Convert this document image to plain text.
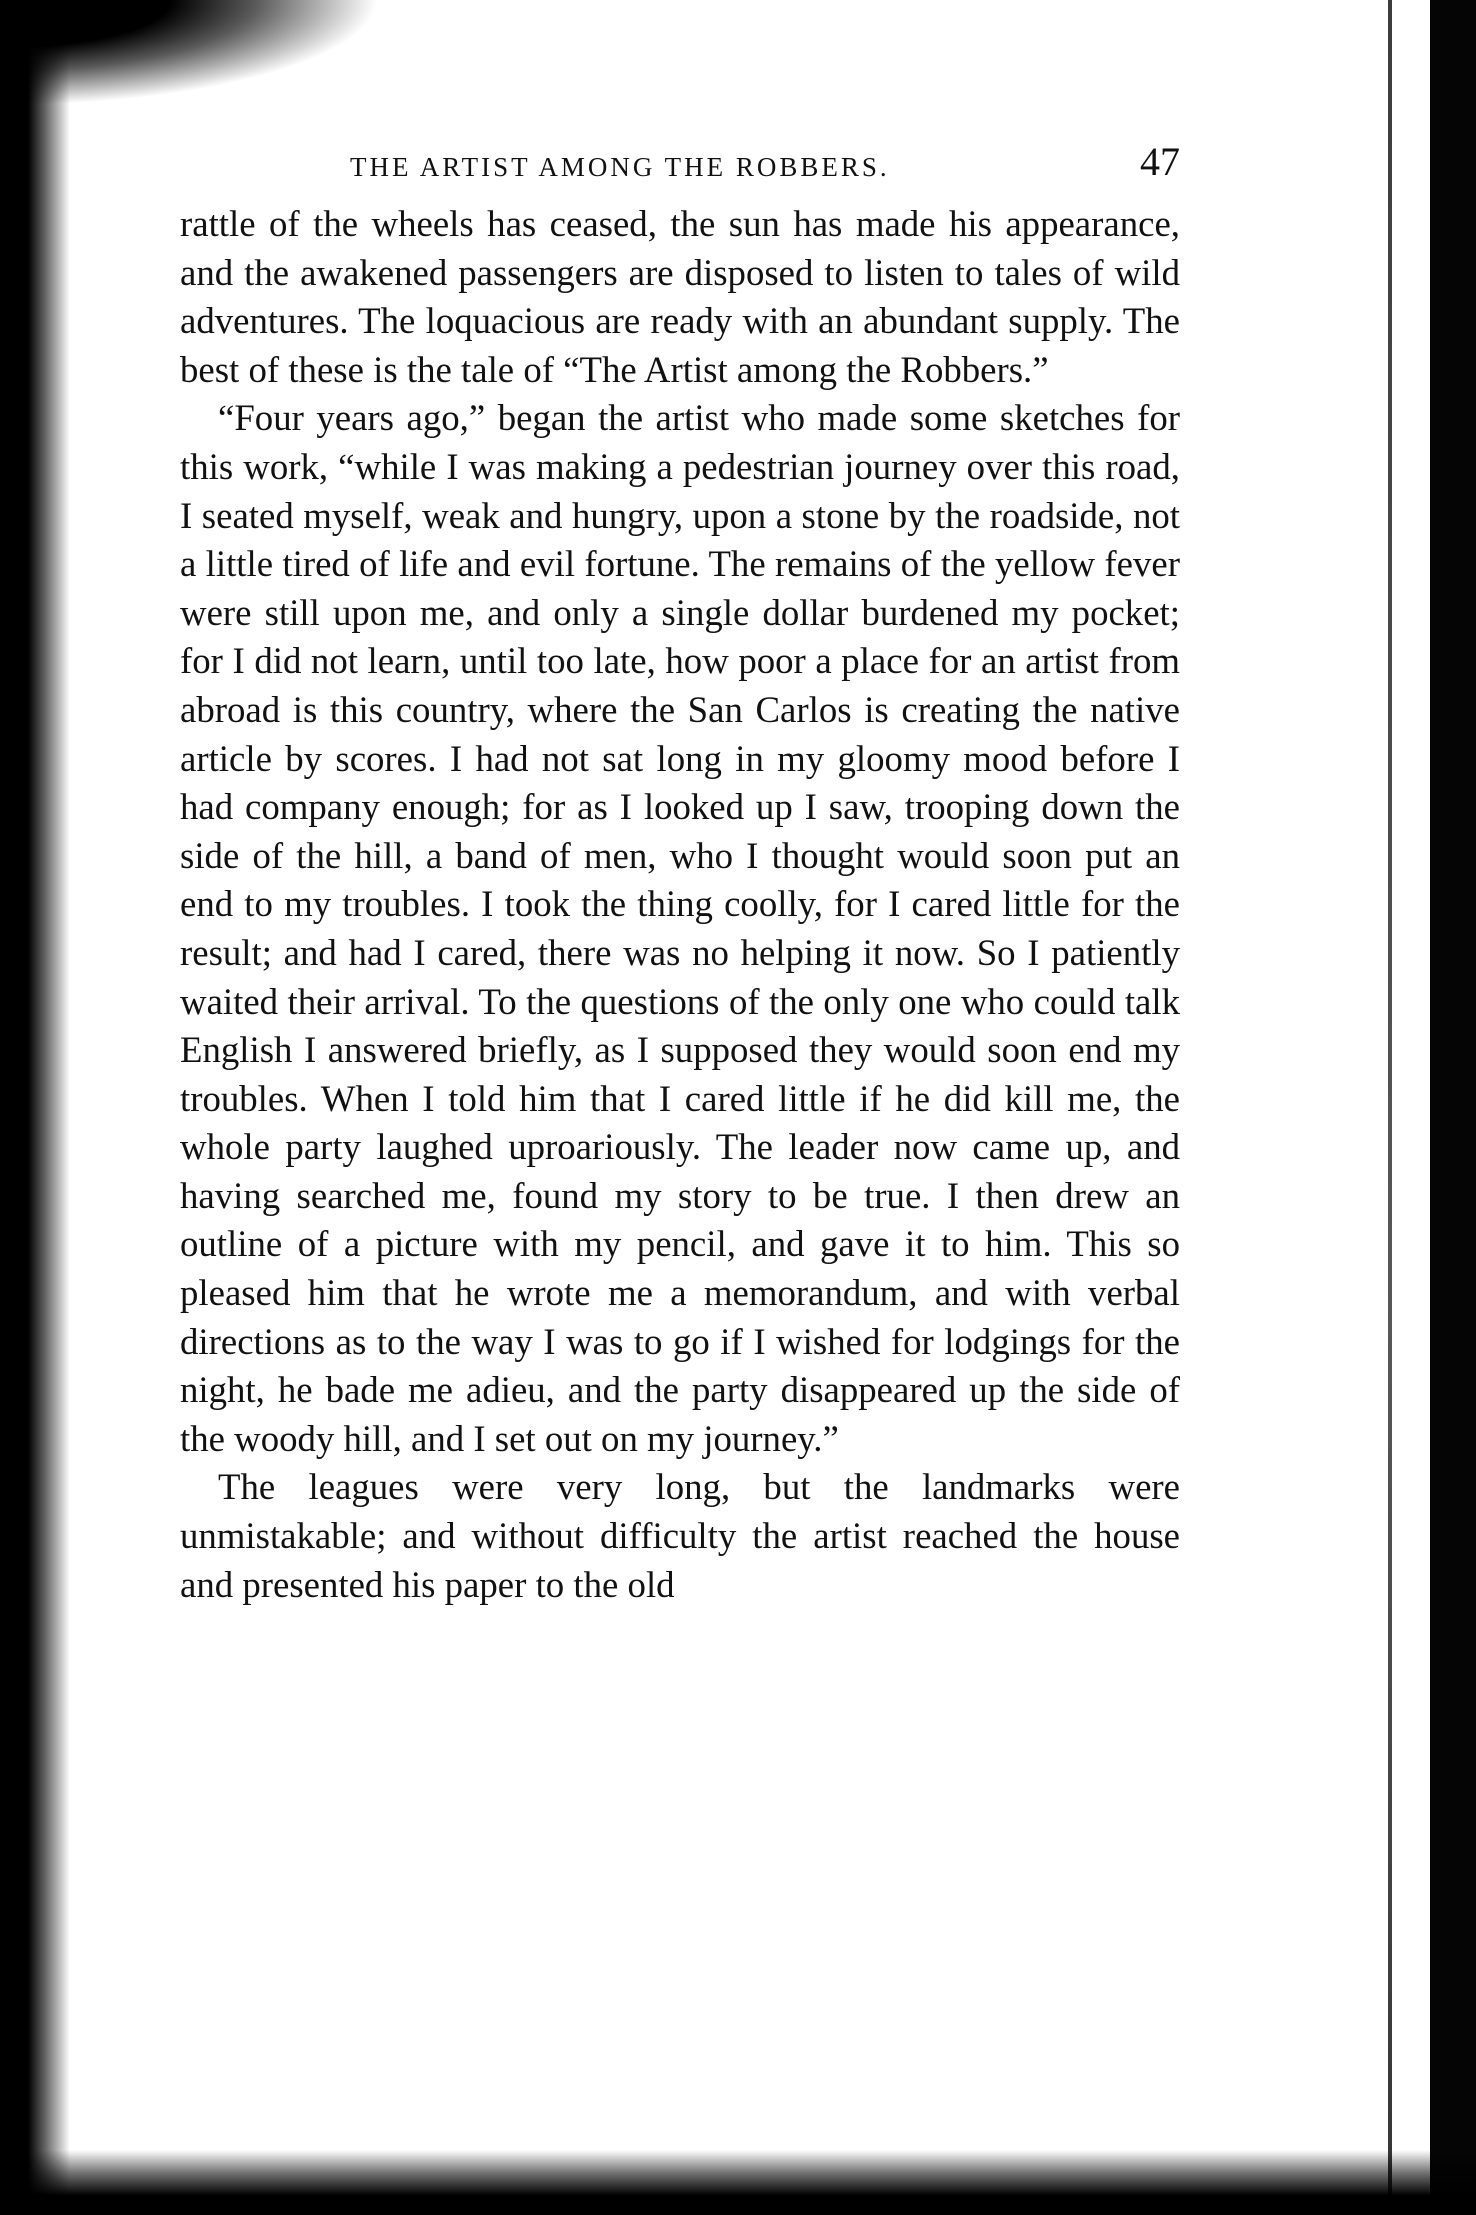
THE ARTIST AMONG THE ROBBERS.	47

rattle of the wheels has ceased, the sun has made his appearance, and the awakened passengers are disposed to listen to tales of wild adventures. The loquacious are ready with an abundant supply. The best of these is the tale of “The Artist among the Robbers.”

“Four years ago,” began the artist who made some sketches for this work, “while I was making a pedestrian journey over this road, I seated myself, weak and hungry, upon a stone by the roadside, not a little tired of life and evil fortune. The remains of the yellow fever were still upon me, and only a single dollar burdened my pocket; for I did not learn, until too late, how poor a place for an artist from abroad is this country, where the San Carlos is creating the native article by scores. I had not sat long in my gloomy mood before I had company enough; for as I looked up I saw, trooping down the side of the hill, a band of men, who I thought would soon put an end to my troubles. I took the thing coolly, for I cared little for the result; and had I cared, there was no helping it now. So I patiently waited their arrival. To the questions of the only one who could talk English I answered briefly, as I supposed they would soon end my troubles. When I told him that I cared little if he did kill me, the whole party laughed uproariously. The leader now came up, and having searched me, found my story to be true. I then drew an outline of a picture with my pencil, and gave it to him. This so pleased him that he wrote me a memorandum, and with verbal directions as to the way I was to go if I wished for lodgings for the night, he bade me adieu, and the party disappeared up the side of the woody hill, and I set out on my journey.”

The leagues were very long, but the landmarks were unmistakable; and without difficulty the artist reached the house and presented his paper to the old
